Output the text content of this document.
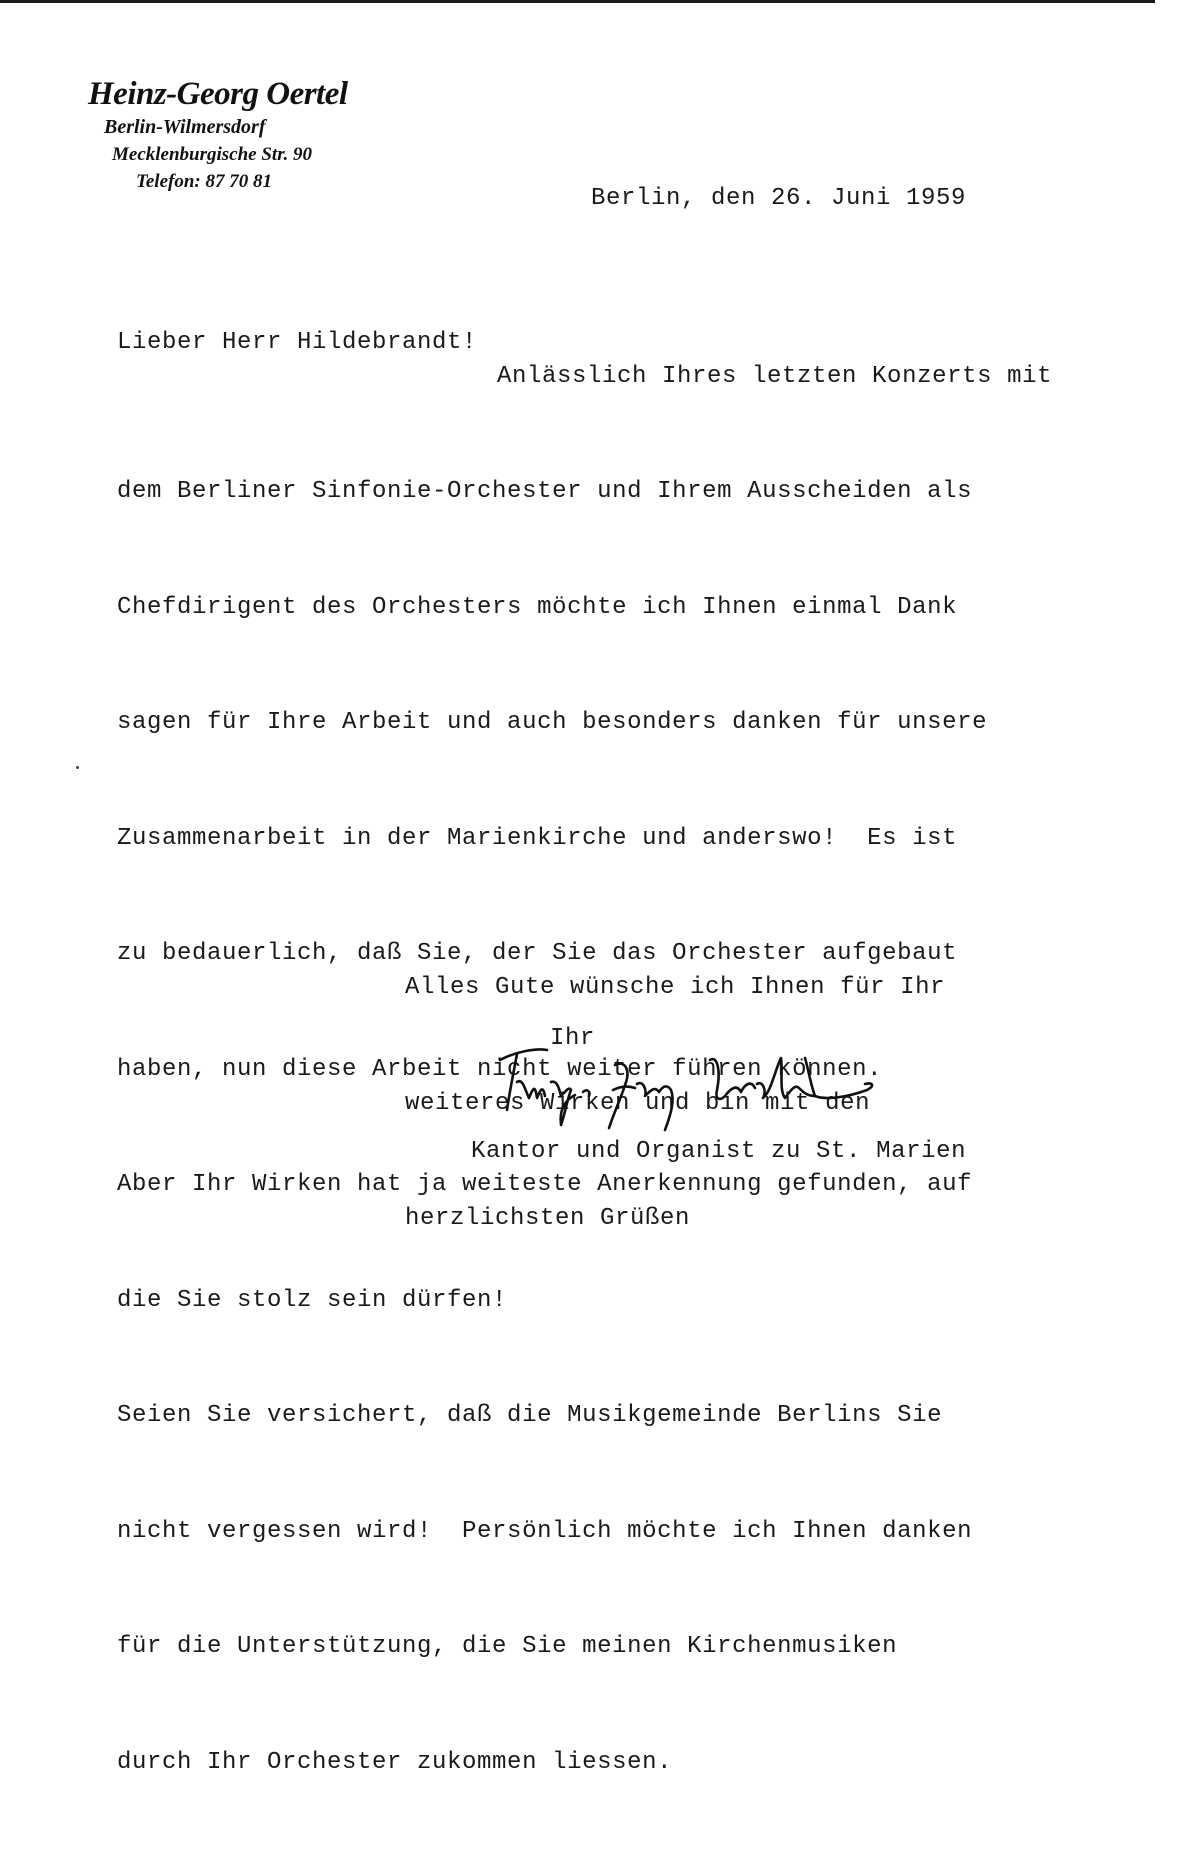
Heinz-Georg Oertel
Berlin-Wilmersdorf
Mecklenburgische Str. 90
Telefon: 87 70 81
Berlin, den 26. Juni 1959
Lieber Herr Hildebrandt!
Anlässlich Ihres letzten Konzerts mit

dem Berliner Sinfonie-Orchester und Ihrem Ausscheiden als

Chefdirigent des Orchesters möchte ich Ihnen einmal Dank

sagen für Ihre Arbeit und auch besonders danken für unsere

Zusammenarbeit in der Marienkirche und anderswo!  Es ist

zu bedauerlich, daß Sie, der Sie das Orchester aufgebaut

haben, nun diese Arbeit nicht weiter führen können.

Aber Ihr Wirken hat ja weiteste Anerkennung gefunden, auf

die Sie stolz sein dürfen!

Seien Sie versichert, daß die Musikgemeinde Berlins Sie

nicht vergessen wird!  Persönlich möchte ich Ihnen danken

für die Unterstützung, die Sie meinen Kirchenmusiken

durch Ihr Orchester zukommen liessen.

Alles Gute wünsche ich Ihnen für Ihr

weiteres Wirken und bin mit den

herzlichsten Grüßen

Ihr
Kantor und Organist zu St. Marien
